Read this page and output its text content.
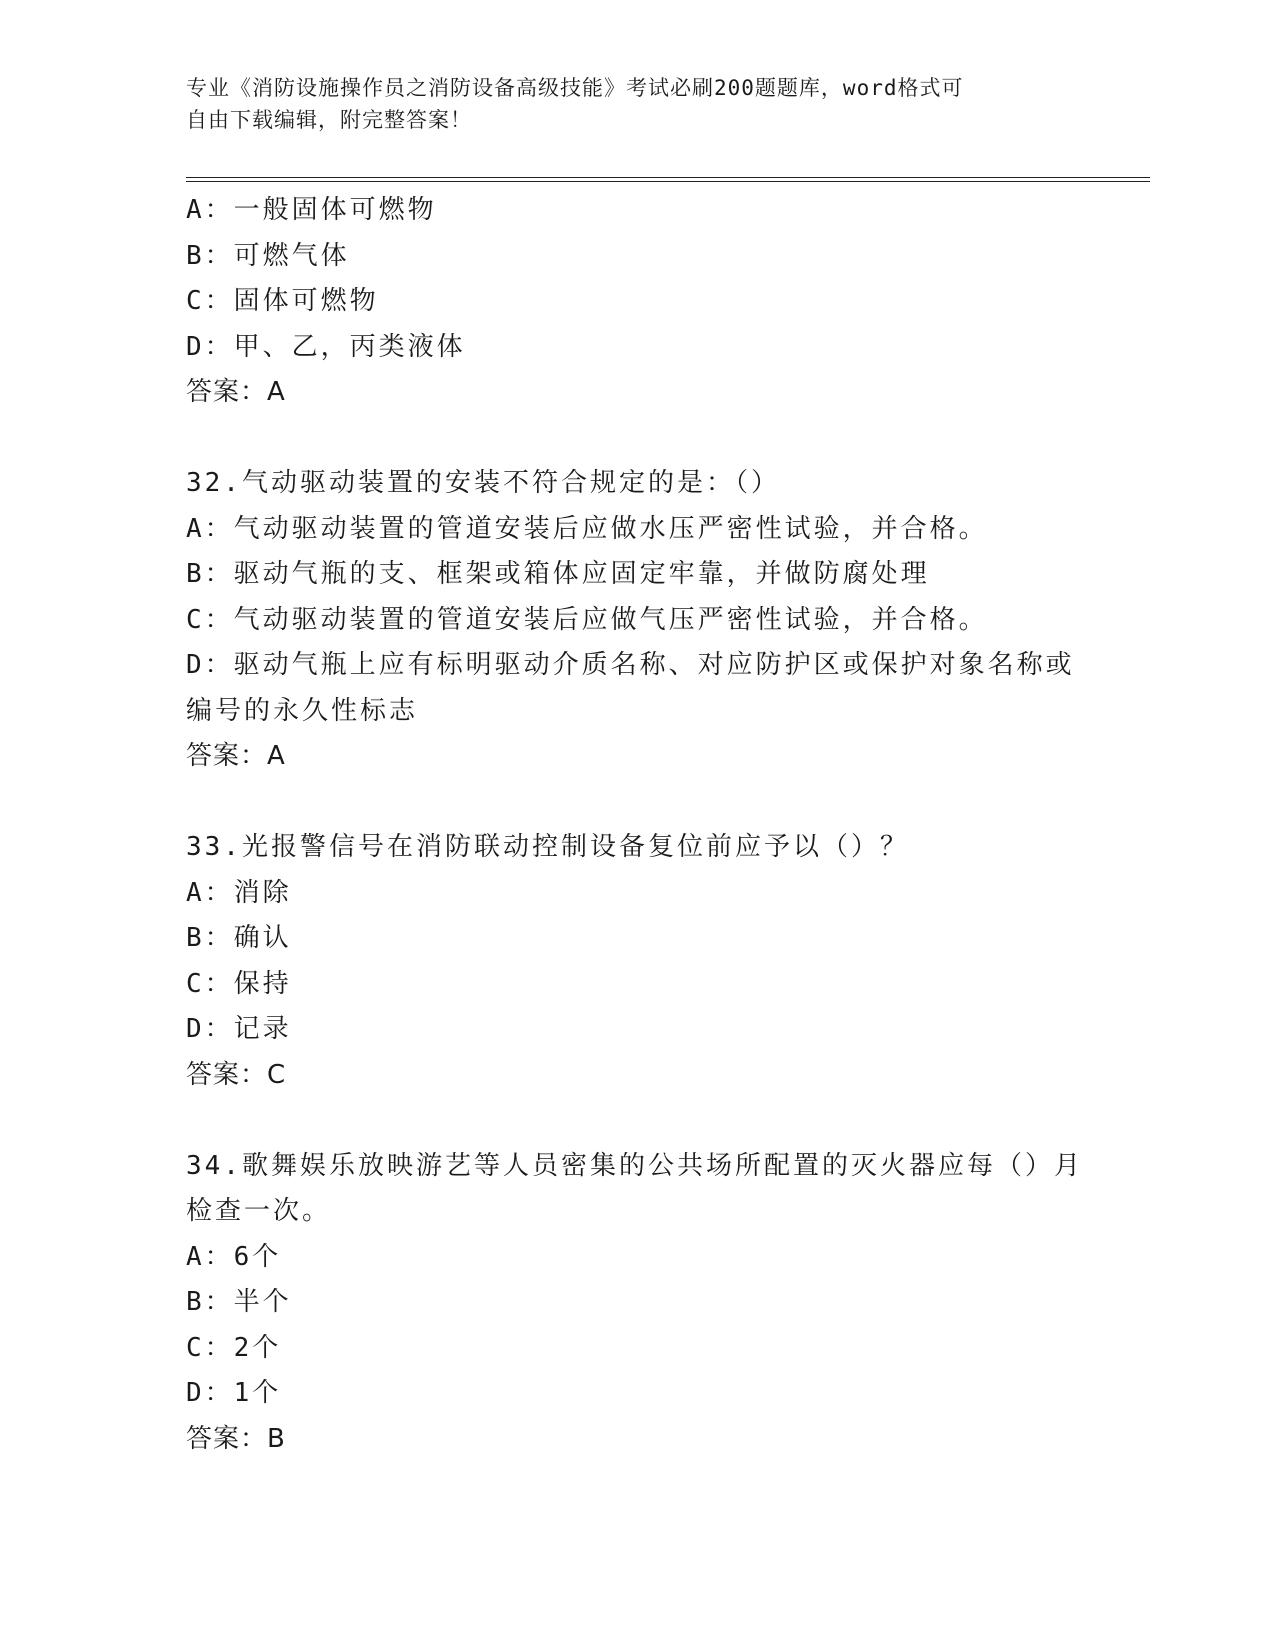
专业《消防设施操作员之消防设备高级技能》考试必刷200题题库，word格式可
自由下载编辑，附完整答案！

A：一般固体可燃物

B：可燃气体

C：固体可燃物

D：甲、乙，丙类液体

答案：A

32.气动驱动装置的安装不符合规定的是：（）

A：气动驱动装置的管道安装后应做水压严密性试验，并合格。

B：驱动气瓶的支、框架或箱体应固定牢靠，并做防腐处理

C：气动驱动装置的管道安装后应做气压严密性试验，并合格。

D：驱动气瓶上应有标明驱动介质名称、对应防护区或保护对象名称或

编号的永久性标志

答案：A

33.光报警信号在消防联动控制设备复位前应予以（）？

A：消除

B：确认

C：保持

D：记录

答案：C

34.歌舞娱乐放映游艺等人员密集的公共场所配置的灭火器应每（）月

检查一次。

A：6个

B：半个

C：2个

D：1个

答案：B
